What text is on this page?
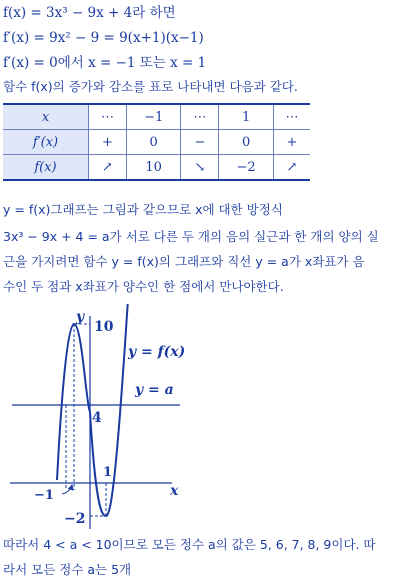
f(x) = 3x³ − 9x + 4라 하면
f′(x) = 9x² − 9 = 9(x+1)(x−1)
f′(x) = 0에서 x = −1 또는 x = 1
함수 f(x)의 증가와 감소를 표로 나타내면 다음과 같다.
x	⋯	−1	⋯	1	⋯
f′(x)	+	0	−	0	+
f(x)	↗	10	↘	−2	↗
y = f(x)그래프는 그림과 같으므로 x에 대한 방정식
3x³ − 9x + 4 = a가 서로 다른 두 개의 음의 실근과 한 개의 양의 실
근을 가지려면 함수 y = f(x)의 그래프와 직선 y = a가 x좌표가 음
수인 두 점과 x좌표가 양수인 한 점에서 만나야한다.
y
10
y = f(x)
y = a
4
1
x
−1
−2
따라서 4 < a < 10이므로 모든 정수 a의 값은 5, 6, 7, 8, 9이다. 따
라서 모든 정수 a는 5개
